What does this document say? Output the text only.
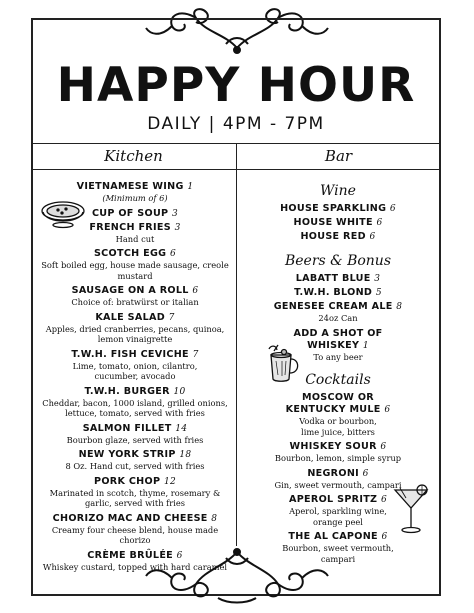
HAPPY HOUR
DAILY | 4PM - 7PM
Kitchen	Bar
VIETNAMESE WING 1
(Minimum of 6)
CUP OF SOUP 3
FRENCH FRIES 3
Hand cut
SCOTCH EGG 6
Soft boiled egg, house made sausage, creole mustard
SAUSAGE ON A ROLL 6
Choice of: bratwürst or italian
KALE SALAD 7
Apples, dried cranberries, pecans, quinoa, lemon vinaigrette
T.W.H. FISH CEVICHE 7
Lime, tomato, onion, cilantro, cucumber, avocado
T.W.H. BURGER 10
Cheddar, bacon, 1000 island, grilled onions, lettuce, tomato, served with fries
SALMON FILLET 14
Bourbon glaze, served with fries
NEW YORK STRIP 18
8 Oz. Hand cut, served with fries
PORK CHOP 12
Marinated in scotch, thyme, rosemary & garlic, served with fries
CHORIZO MAC AND CHEESE 8
Creamy four cheese blend, house made chorizo
CRÈME BRÛLÉE 6
Whiskey custard, topped with hard caramel
Wine
HOUSE SPARKLING 6
HOUSE WHITE 6
HOUSE RED 6
Beers & Bonus
LABATT BLUE 3
T.W.H. BLOND 5
GENESEE CREAM ALE 8
24oz Can
ADD A SHOT OF WHISKEY 1
To any beer
Cocktails
MOSCOW OR KENTUCKY MULE 6
Vodka or bourbon, lime juice, bitters
WHISKEY SOUR 6
Bourbon, lemon, simple syrup
NEGRONI 6
Gin, sweet vermouth, campari
APEROL SPRITZ 6
Aperol, sparkling wine, orange peel
THE AL CAPONE 6
Bourbon, sweet vermouth, campari
